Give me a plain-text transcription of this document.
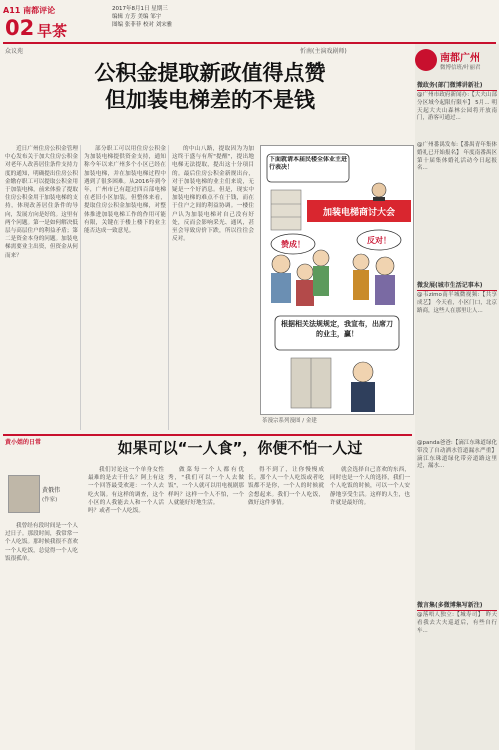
A11 南都评论
02 早茶
2017年8月1日 星期三
编辑 方芳 美编 邹宇
图编 张菲菲 校对 刘宋雅
众议苑	忻南(主演戏剧师)
公积金提取新政值得点赞
但加装电梯差的不是钱

近日广州住房公积金管理中心发布关于加大住房公积金对老年人改善居住条件支持力度的通知，明确提出住房公积金缴存职工可以提取公积金用于加装电梯，前来体验了提取住房公积金用于加装电梯的支持，体现改善居住条件的导向，发展方向是好的。这里有两个问题。第一是如何解决低层与高层住户的利益矛盾；第二是资金本身的问题。加装电梯需要业主出资，但资金从何而来？

部分职工可以用住房公积金为加装电梯提供资金支持，通知称今年以来广州多个小区已经在加装电梯，并在加装电梯过程中遇到了很多困难。从2016年到今年，广州市已有超过四百部电梯在老旧小区加装。但整体来看，提取住房公积金加装电梯，对整体推进加装电梯工作的作用可能有限，关键在于楼上楼下的业主能否达成一致意见。

的中山八路，提取因为为加这终于盛与有所"提醒"，提出地电梯无法提取，提出这十分项目的。最后住房公积金新规出台，对于加装电梯的业主们来说，无疑是一个好消息。但是，现实中加装电梯的难点不在于钱，而在于住户之间的利益协调。一楼住户认为加装电梯对自己没有好处，反而会影响采光、通风，甚至会导致房价下跌，所以往往会反对。

下面就请本届民楼全体业主进行表决！
加装电梯商讨大会
赞成！	反对！
根据相关法规规定，我宣布，出席刀的业主，赢！
茶漫宗系列漫图 / 金建
南都广州
微博信班/叶丽君
微政务(部门微博讲新社)
@广州市政府新闻办:【大夫山部分区域今起限行限车】 5月... 明天起大夫山森林公园将开放南门，游客可通过...
@广州番禺发布:【番禺青年集体婚礼已开始报名】 年度南番禺区第十届集体婚礼活动今日起报名...
微发展(城市生活记事本)
@韦zimo南半城微视频:【共享成艺】 今天看，小区门口，北京路商，这些人在那里让人...
@panda爸爸:【滴江东珠道绿化带没了自动洒水管道漏水严重】 滴江东珠道绿化带旁道路这里过，漏水...
微言集(多微博集写新注)
@落唔人独立:【城寿司】 昨天看我去大夫巡道后，有些自行车...
黄小姐的日常	如果可以“一人食”，你便不怕一人过
黄俄伟
(作家)

我曾经有段时间是一个人过日子。那段时间，我常常一个人吃饭。那时候我很不喜欢一个人吃饭，总觉得一个人吃饭很孤单。

我们讨论这一个单身女性最难的是去干什么？阿上有这一个回答最受欢迎：一个人去吃火锅。有这样的调查，这个小区的人我能去人和一个人活吗？或者一个人吃饭。

做菜每一个人都有优秀，"我们可以一个人去做饭"，一个人就可以用电视剧那样吗？这样一个人不怕，一个人就能好好地生活。

得不到了，让你慢慢成长。那个人一个人吃饭或者吃饭都不是你，一个人的时候就会想起来。我们一个人吃饭，做好这件事情。

就会选择自己喜欢的东西，同时也是一个人的选择，我们一个人吃饭的时候，可以一个人安静地享受生活。这样的人生，也许就是最好的。
